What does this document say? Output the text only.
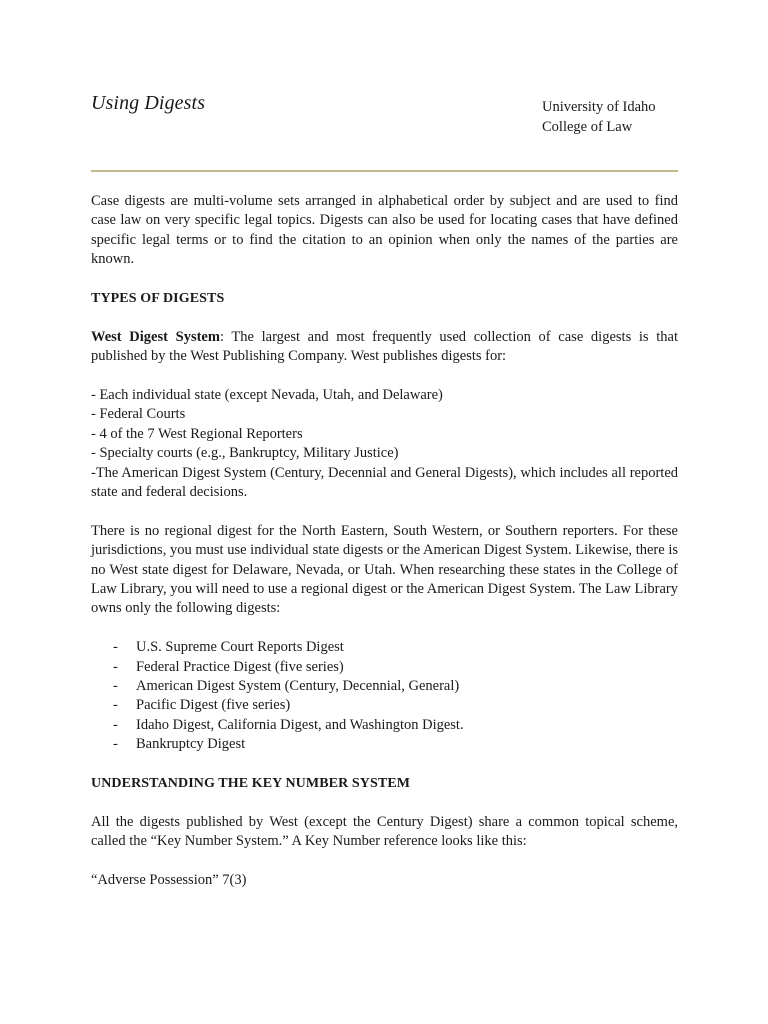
Using Digests	University of Idaho
College of Law

Case digests are multi-volume sets arranged in alphabetical order by subject and are used to find case law on very specific legal topics. Digests can also be used for locating cases that have defined specific legal terms or to find the citation to an opinion when only the names of the parties are known.

TYPES OF DIGESTS

West Digest System: The largest and most frequently used collection of case digests is that published by the West Publishing Company. West publishes digests for:

- Each individual state (except Nevada, Utah, and Delaware)
- Federal Courts
- 4 of the 7 West Regional Reporters
- Specialty courts (e.g., Bankruptcy, Military Justice)
-The American Digest System (Century, Decennial and General Digests), which includes all reported state and federal decisions.

There is no regional digest for the North Eastern, South Western, or Southern reporters. For these jurisdictions, you must use individual state digests or the American Digest System. Likewise, there is no West state digest for Delaware, Nevada, or Utah. When researching these states in the College of Law Library, you will need to use a regional digest or the American Digest System. The Law Library owns only the following digests:

- U.S. Supreme Court Reports Digest
- Federal Practice Digest (five series)
- American Digest System (Century, Decennial, General)
- Pacific Digest (five series)
- Idaho Digest, California Digest, and Washington Digest.
- Bankruptcy Digest

UNDERSTANDING THE KEY NUMBER SYSTEM

All the digests published by West (except the Century Digest) share a common topical scheme, called the “Key Number System.” A Key Number reference looks like this:

“Adverse Possession” 7(3)
